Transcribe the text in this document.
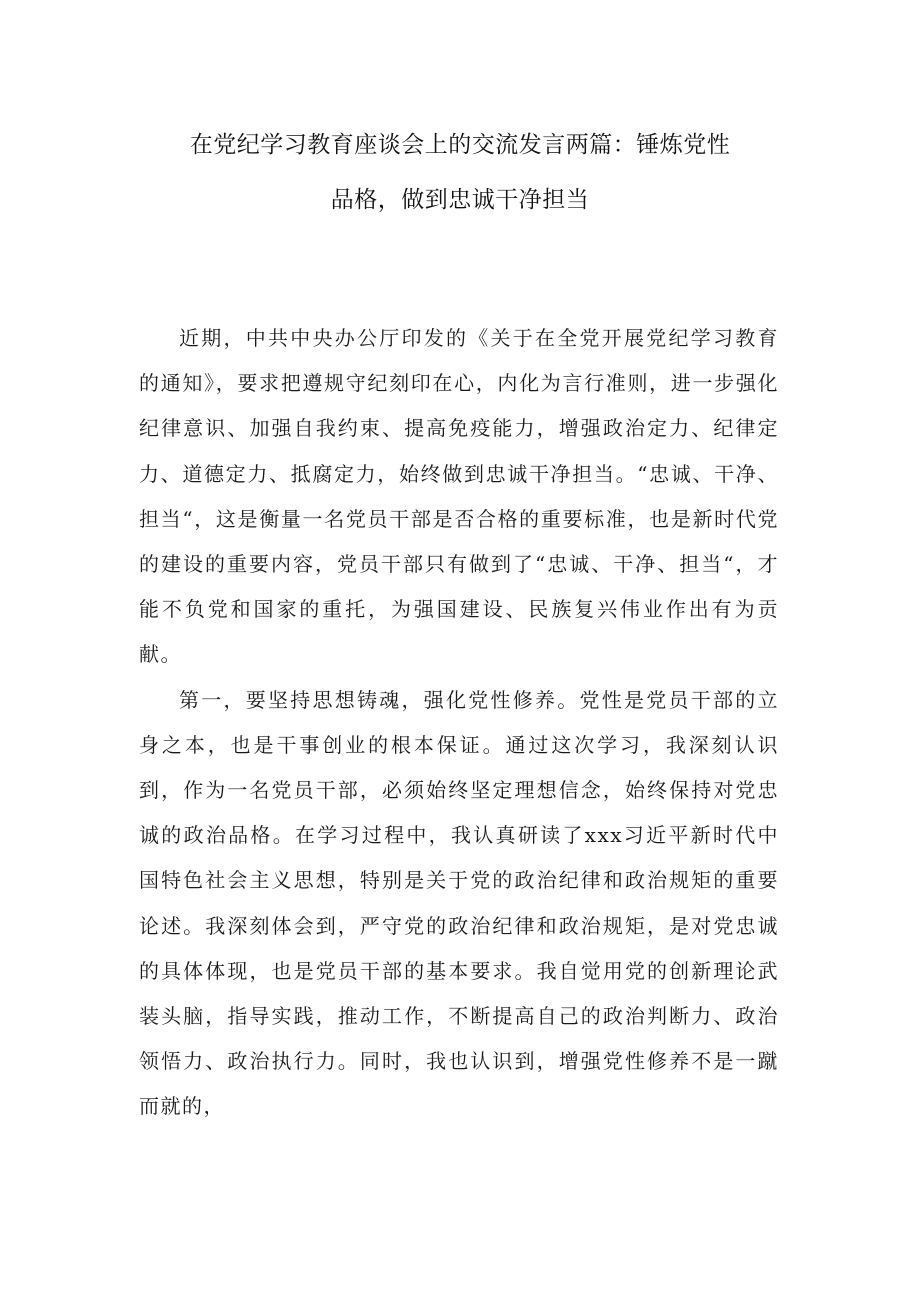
在党纪学习教育座谈会上的交流发言两篇：锤炼党性
品格，做到忠诚干净担当

近期，中共中央办公厅印发的《关于在全党开展党纪学习教育的通知》，要求把遵规守纪刻印在心，内化为言行准则，进一步强化纪律意识、加强自我约束、提高免疫能力，增强政治定力、纪律定力、道德定力、抵腐定力，始终做到忠诚干净担当。“忠诚、干净、担当“，这是衡量一名党员干部是否合格的重要标准，也是新时代党的建设的重要内容，党员干部只有做到了“忠诚、干净、担当“，才能不负党和国家的重托，为强国建设、民族复兴伟业作出有为贡献。

第一，要坚持思想铸魂，强化党性修养。党性是党员干部的立身之本，也是干事创业的根本保证。通过这次学习，我深刻认识到，作为一名党员干部，必须始终坚定理想信念，始终保持对党忠诚的政治品格。在学习过程中，我认真研读了xxx习近平新时代中国特色社会主义思想，特别是关于党的政治纪律和政治规矩的重要论述。我深刻体会到，严守党的政治纪律和政治规矩，是对党忠诚的具体体现，也是党员干部的基本要求。我自觉用党的创新理论武装头脑，指导实践，推动工作，不断提高自己的政治判断力、政治领悟力、政治执行力。同时，我也认识到，增强党性修养不是一蹴而就的，
